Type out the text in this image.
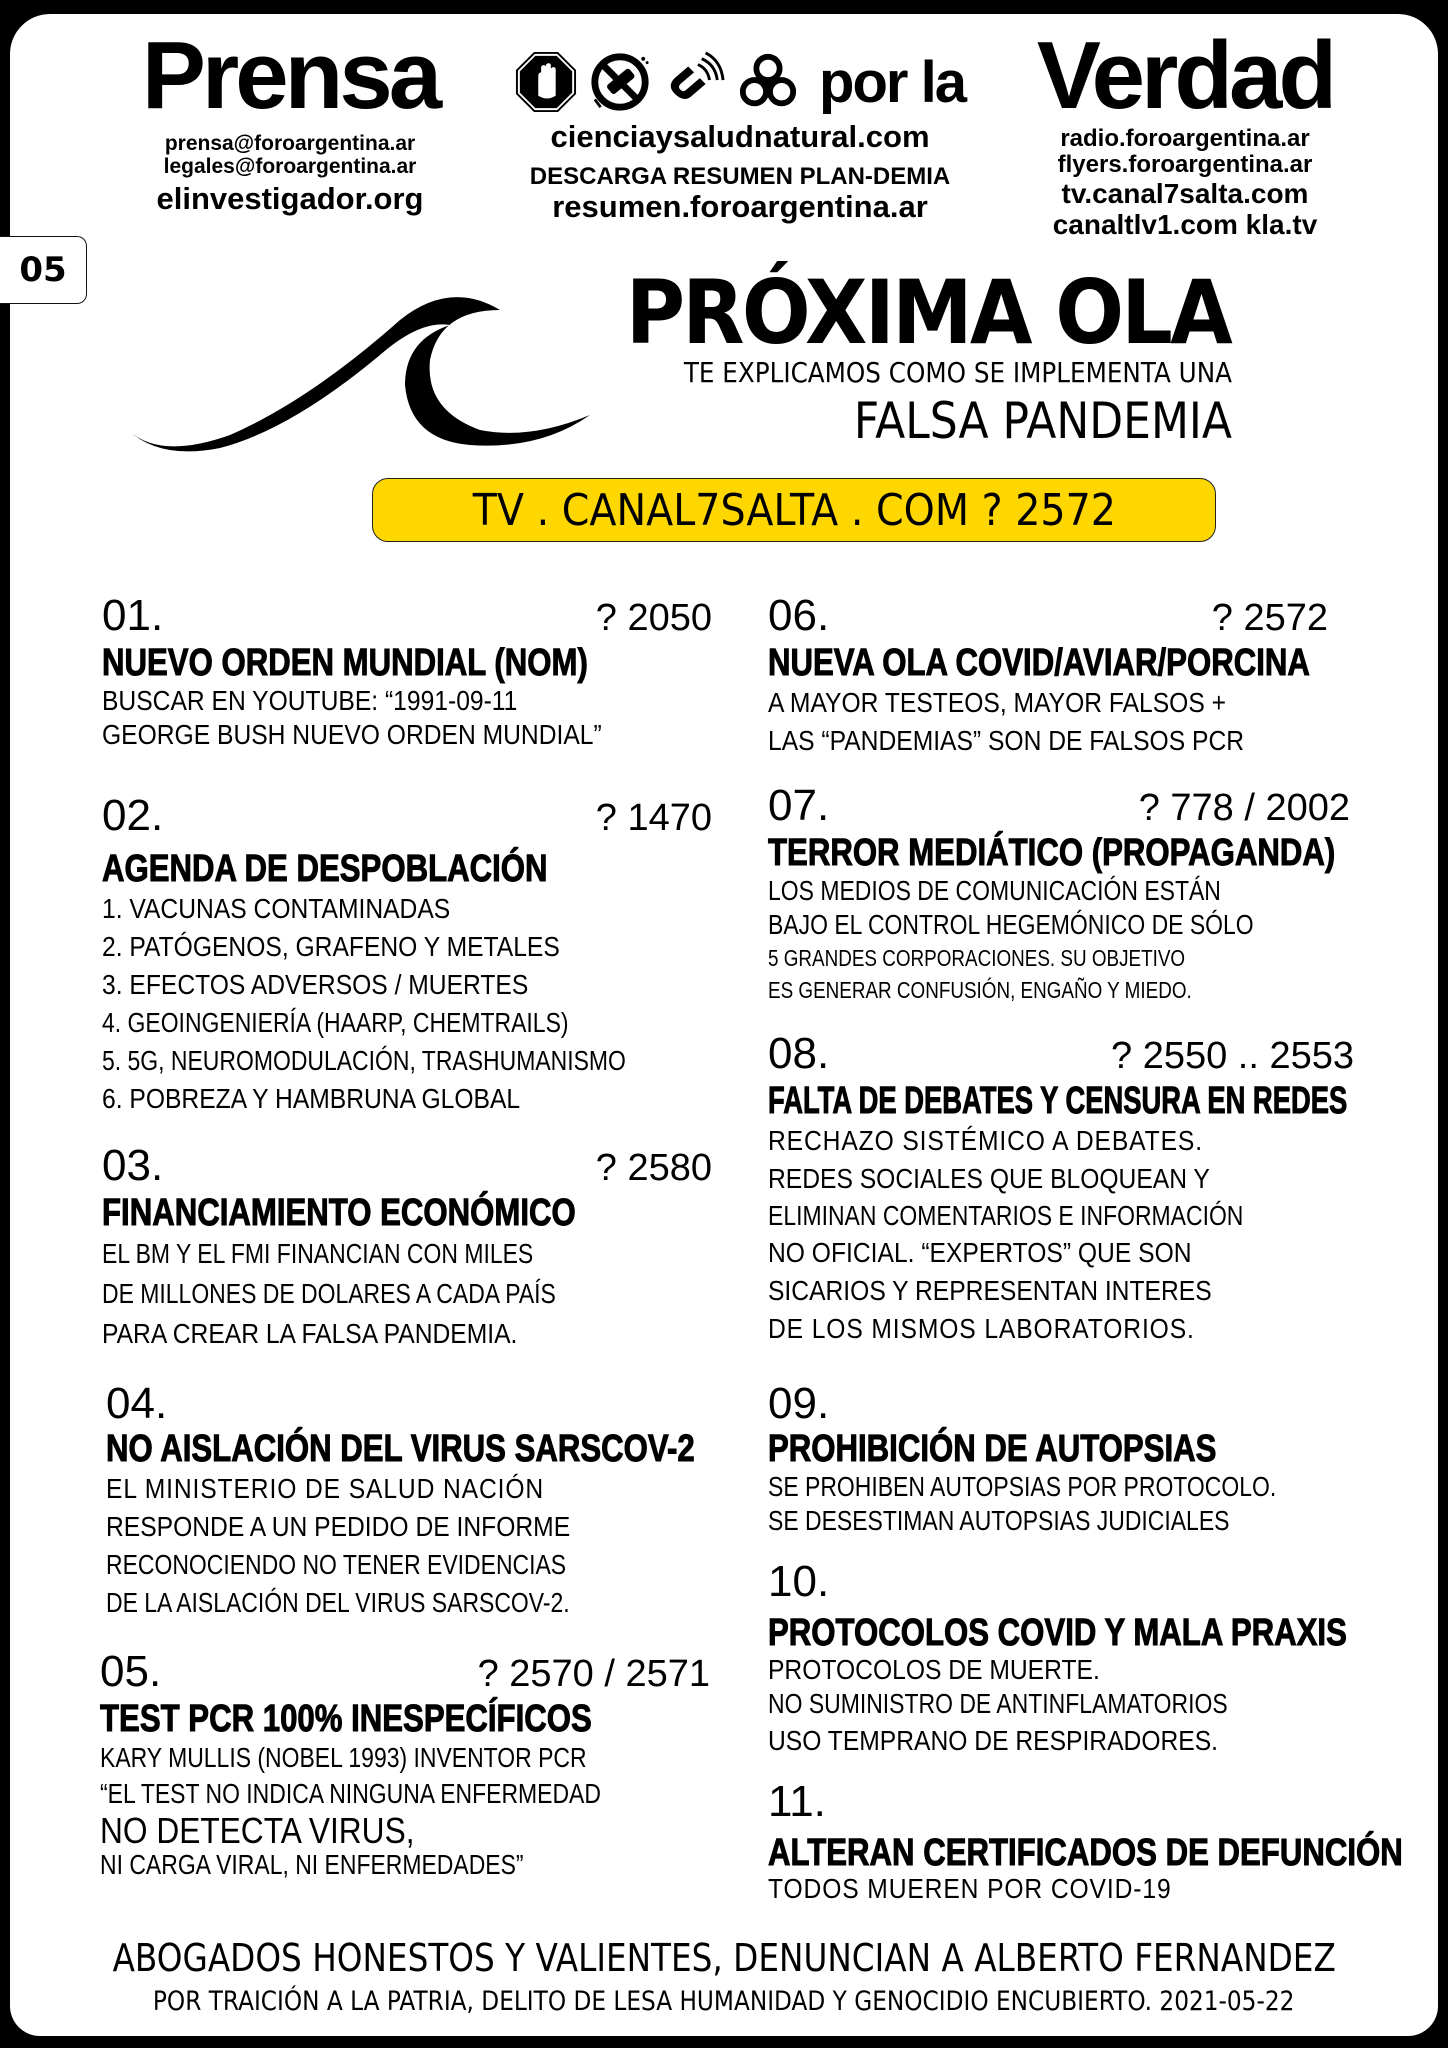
05
Prensa
prensa@foroargentina.ar
legales@foroargentina.ar
elinvestigador.org
por la
cienciaysaludnatural.com
DESCARGA RESUMEN PLAN-DEMIA
resumen.foroargentina.ar
Verdad
radio.foroargentina.ar
flyers.foroargentina.ar
tv.canal7salta.com
canaltlv1.com kla.tv
PRÓXIMA OLA
TE EXPLICAMOS COMO SE IMPLEMENTA UNA
FALSA PANDEMIA
TV . CANAL7SALTA . COM ? 2572
01.	? 2050
NUEVO ORDEN MUNDIAL (NOM)
BUSCAR EN YOUTUBE: “1991-09-11
GEORGE BUSH NUEVO ORDEN MUNDIAL”
02.	? 1470
AGENDA DE DESPOBLACIÓN
1. VACUNAS CONTAMINADAS
2. PATÓGENOS, GRAFENO Y METALES
3. EFECTOS ADVERSOS / MUERTES
4. GEOINGENIERÍA (HAARP, CHEMTRAILS)
5. 5G, NEUROMODULACIÓN, TRASHUMANISMO
6. POBREZA Y HAMBRUNA GLOBAL
03.	? 2580
FINANCIAMIENTO ECONÓMICO
EL BM Y EL FMI FINANCIAN CON MILES
DE MILLONES DE DOLARES A CADA PAÍS
PARA CREAR LA FALSA PANDEMIA.
04.
NO AISLACIÓN DEL VIRUS SARSCOV-2
EL MINISTERIO DE SALUD NACIÓN
RESPONDE A UN PEDIDO DE INFORME
RECONOCIENDO NO TENER EVIDENCIAS
DE LA AISLACIÓN DEL VIRUS SARSCOV-2.
05.	? 2570 / 2571
TEST PCR 100% INESPECÍFICOS
KARY MULLIS (NOBEL 1993) INVENTOR PCR
“EL TEST NO INDICA NINGUNA ENFERMEDAD
NO DETECTA VIRUS,
NI CARGA VIRAL, NI ENFERMEDADES”
06.	? 2572
NUEVA OLA COVID/AVIAR/PORCINA
A MAYOR TESTEOS, MAYOR FALSOS +
LAS “PANDEMIAS” SON DE FALSOS PCR
07.	? 778 / 2002
TERROR MEDIÁTICO (PROPAGANDA)
LOS MEDIOS DE COMUNICACIÓN ESTÁN
BAJO EL CONTROL HEGEMÓNICO DE SÓLO
5 GRANDES CORPORACIONES. SU OBJETIVO
ES GENERAR CONFUSIÓN, ENGAÑO Y MIEDO.
08.	? 2550 .. 2553
FALTA DE DEBATES Y CENSURA EN REDES
RECHAZO SISTÉMICO A DEBATES.
REDES SOCIALES QUE BLOQUEAN Y
ELIMINAN COMENTARIOS E INFORMACIÓN
NO OFICIAL. “EXPERTOS” QUE SON
SICARIOS Y REPRESENTAN INTERES
DE LOS MISMOS LABORATORIOS.
09.
PROHIBICIÓN DE AUTOPSIAS
SE PROHIBEN AUTOPSIAS POR PROTOCOLO.
SE DESESTIMAN AUTOPSIAS JUDICIALES
10.
PROTOCOLOS COVID Y MALA PRAXIS
PROTOCOLOS DE MUERTE.
NO SUMINISTRO DE ANTINFLAMATORIOS
USO TEMPRANO DE RESPIRADORES.
11.
ALTERAN CERTIFICADOS DE DEFUNCIÓN
TODOS MUEREN POR COVID-19
ABOGADOS HONESTOS Y VALIENTES, DENUNCIAN A ALBERTO FERNANDEZ
POR TRAICIÓN A LA PATRIA, DELITO DE LESA HUMANIDAD Y GENOCIDIO ENCUBIERTO. 2021-05-22
